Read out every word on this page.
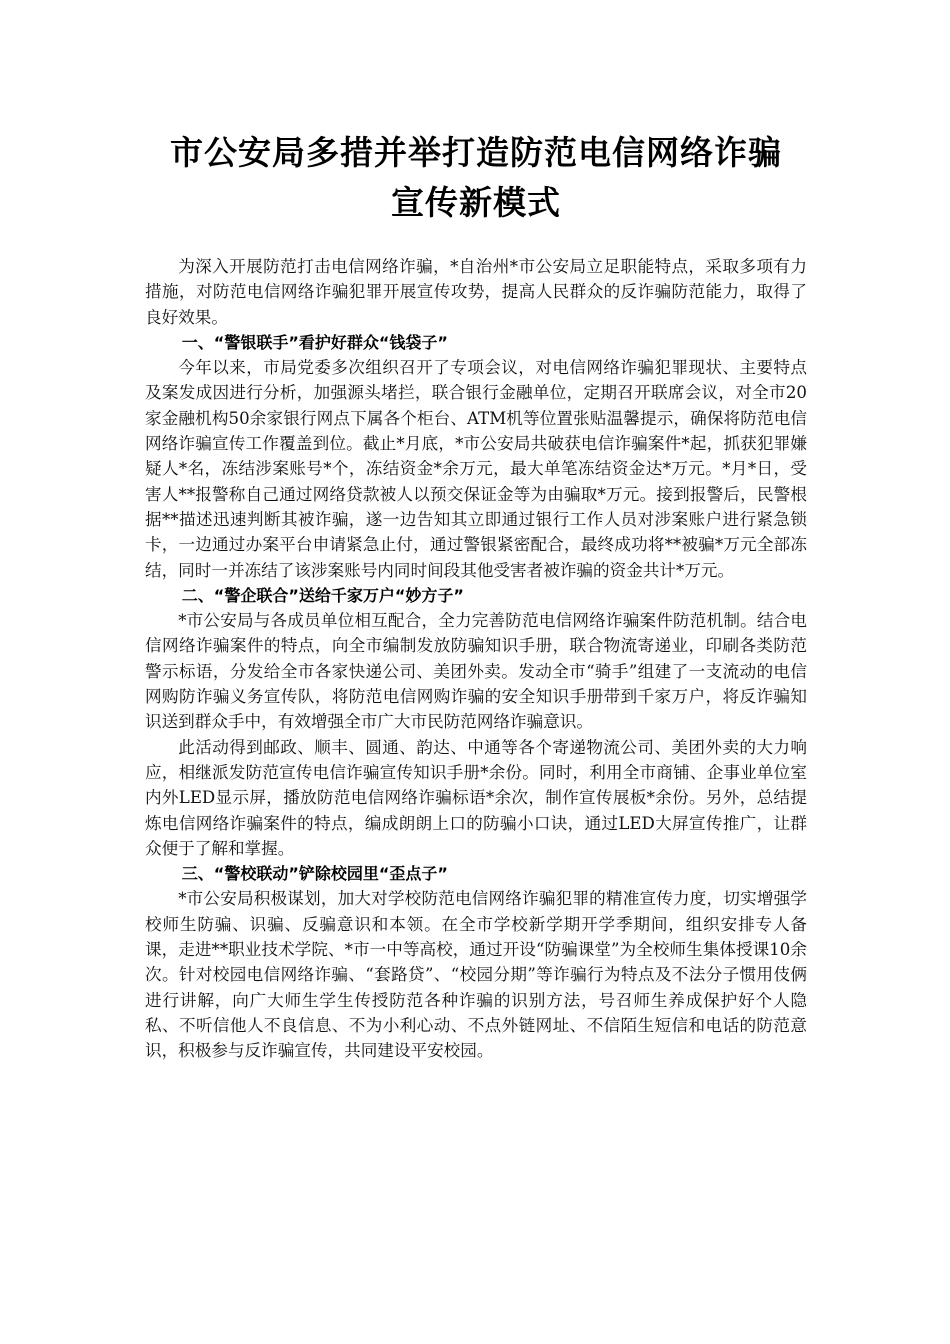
市公安局多措并举打造防范电信网络诈骗
宣传新模式

为深入开展防范打击电信网络诈骗，*自治州*市公安局立足职能特点，采取多项有力措施，对防范电信网络诈骗犯罪开展宣传攻势，提高人民群众的反诈骗防范能力，取得了良好效果。

一、“警银联手”看护好群众“钱袋子”

今年以来，市局党委多次组织召开了专项会议，对电信网络诈骗犯罪现状、主要特点及案发成因进行分析，加强源头堵拦，联合银行金融单位，定期召开联席会议，对全市20家金融机构50余家银行网点下属各个柜台、ATM机等位置张贴温馨提示，确保将防范电信网络诈骗宣传工作覆盖到位。截止*月底，*市公安局共破获电信诈骗案件*起，抓获犯罪嫌疑人*名，冻结涉案账号*个，冻结资金*余万元，最大单笔冻结资金达*万元。*月*日，受害人**报警称自己通过网络贷款被人以预交保证金等为由骗取*万元。接到报警后，民警根据**描述迅速判断其被诈骗，遂一边告知其立即通过银行工作人员对涉案账户进行紧急锁卡，一边通过办案平台申请紧急止付，通过警银紧密配合，最终成功将**被骗*万元全部冻结，同时一并冻结了该涉案账号内同时间段其他受害者被诈骗的资金共计*万元。

二、“警企联合”送给千家万户“妙方子”

*市公安局与各成员单位相互配合，全力完善防范电信网络诈骗案件防范机制。结合电信网络诈骗案件的特点，向全市编制发放防骗知识手册，联合物流寄递业，印刷各类防范警示标语，分发给全市各家快递公司、美团外卖。发动全市“骑手”组建了一支流动的电信网购防诈骗义务宣传队，将防范电信网购诈骗的安全知识手册带到千家万户，将反诈骗知识送到群众手中，有效增强全市广大市民防范网络诈骗意识。

此活动得到邮政、顺丰、圆通、韵达、中通等各个寄递物流公司、美团外卖的大力响应，相继派发防范宣传电信诈骗宣传知识手册*余份。同时，利用全市商铺、企事业单位室内外LED显示屏，播放防范电信网络诈骗标语*余次，制作宣传展板*余份。另外，总结提炼电信网络诈骗案件的特点，编成朗朗上口的防骗小口诀，通过LED大屏宣传推广，让群众便于了解和掌握。

三、“警校联动”铲除校园里“歪点子”

*市公安局积极谋划，加大对学校防范电信网络诈骗犯罪的精准宣传力度，切实增强学校师生防骗、识骗、反骗意识和本领。在全市学校新学期开学季期间，组织安排专人备课，走进**职业技术学院、*市一中等高校，通过开设“防骗课堂”为全校师生集体授课10余次。针对校园电信网络诈骗、“套路贷”、“校园分期”等诈骗行为特点及不法分子惯用伎俩进行讲解，向广大师生学生传授防范各种诈骗的识别方法，号召师生养成保护好个人隐私、不听信他人不良信息、不为小利心动、不点外链网址、不信陌生短信和电话的防范意识，积极参与反诈骗宣传，共同建设平安校园。
